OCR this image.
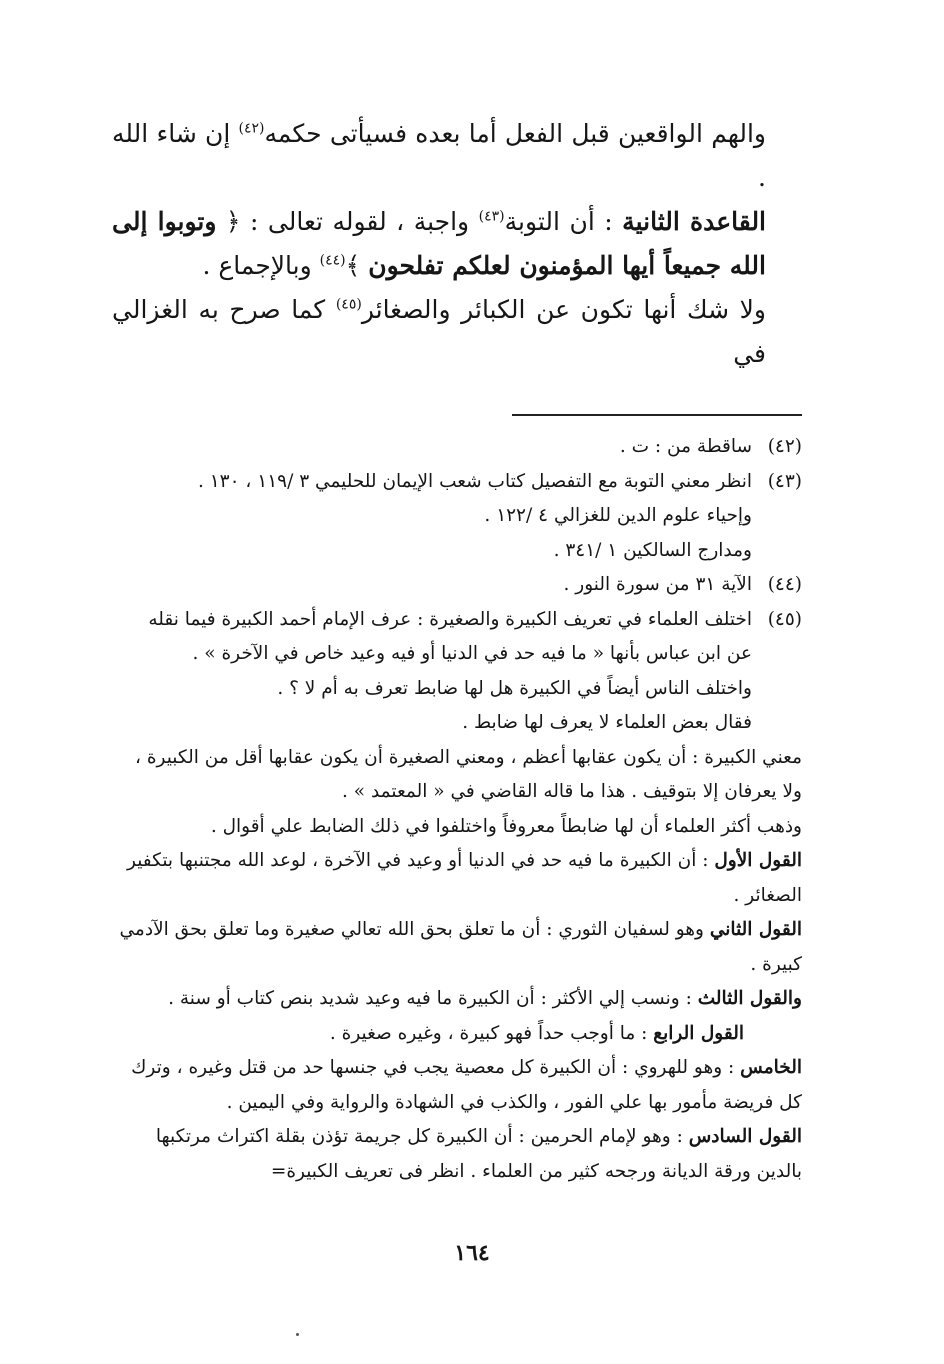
والهم الواقعين قبل الفعل أما بعده فسيأتى حكمه$^{(٤٢)}$ إن شاء الله .

القاعدة الثانية : أن التوبة$^{(٤٣)}$ واجبة ، لقوله تعالى : ﴿ وتوبوا إلى الله جميعاً أيها المؤمنون لعلكم تفلحون ﴾$^{(٤٤)}$ وبالإجماع .

ولا شك أنها تكون عن الكبائر والصغائر$^{(٤٥)}$ كما صرح به الغزالي في

(٤٢)
ساقطة من : ت .
(٤٣)
انظر معني التوبة مع التفصيل كتاب شعب الإيمان للحليمي ٣ /١١٩ ، ١٣٠ .
وإحياء علوم الدين للغزالي ٤ /١٢٢ .
ومدارج السالكين ١ /٣٤١ .
(٤٤)
الآية ٣١ من سورة النور .
(٤٥)
اختلف العلماء في تعريف الكبيرة والصغيرة : عرف الإمام أحمد الكبيرة فيما نقله
عن ابن عباس بأنها « ما فيه حد في الدنيا أو فيه وعيد خاص في الآخرة » .
واختلف الناس أيضاً في الكبيرة هل لها ضابط تعرف به أم لا ؟ .
فقال بعض العلماء لا يعرف لها ضابط .

معني الكبيرة : أن يكون عقابها أعظم ، ومعني الصغيرة أن يكون عقابها أقل من الكبيرة ، ولا يعرفان إلا بتوقيف . هذا ما قاله القاضي في « المعتمد » .

وذهب أكثر العلماء أن لها ضابطاً معروفاً واختلفوا في ذلك الضابط علي أقوال .

القول الأول : أن الكبيرة ما فيه حد في الدنيا أو وعيد في الآخرة ، لوعد الله مجتنبها بتكفير الصغائر .

القول الثاني وهو لسفيان الثوري : أن ما تعلق بحق الله تعالي صغيرة وما تعلق بحق الآدمي كبيرة .

والقول الثالث : ونسب إلي الأكثر : أن الكبيرة ما فيه وعيد شديد بنص كتاب أو سنة .

القول الرابع : ما أوجب حداً فهو كبيرة ، وغيره صغيرة .

الخامس : وهو للهروي : أن الكبيرة كل معصية يجب في جنسها حد من قتل وغيره ، وترك كل فريضة مأمور بها علي الفور ، والكذب في الشهادة والرواية وفي اليمين .

القول السادس : وهو لإمام الحرمين : أن الكبيرة كل جريمة تؤذن بقلة اكتراث مرتكبها بالدين ورقة الديانة ورجحه كثير من العلماء . انظر فى تعريف الكبيرة=

١٦٤
